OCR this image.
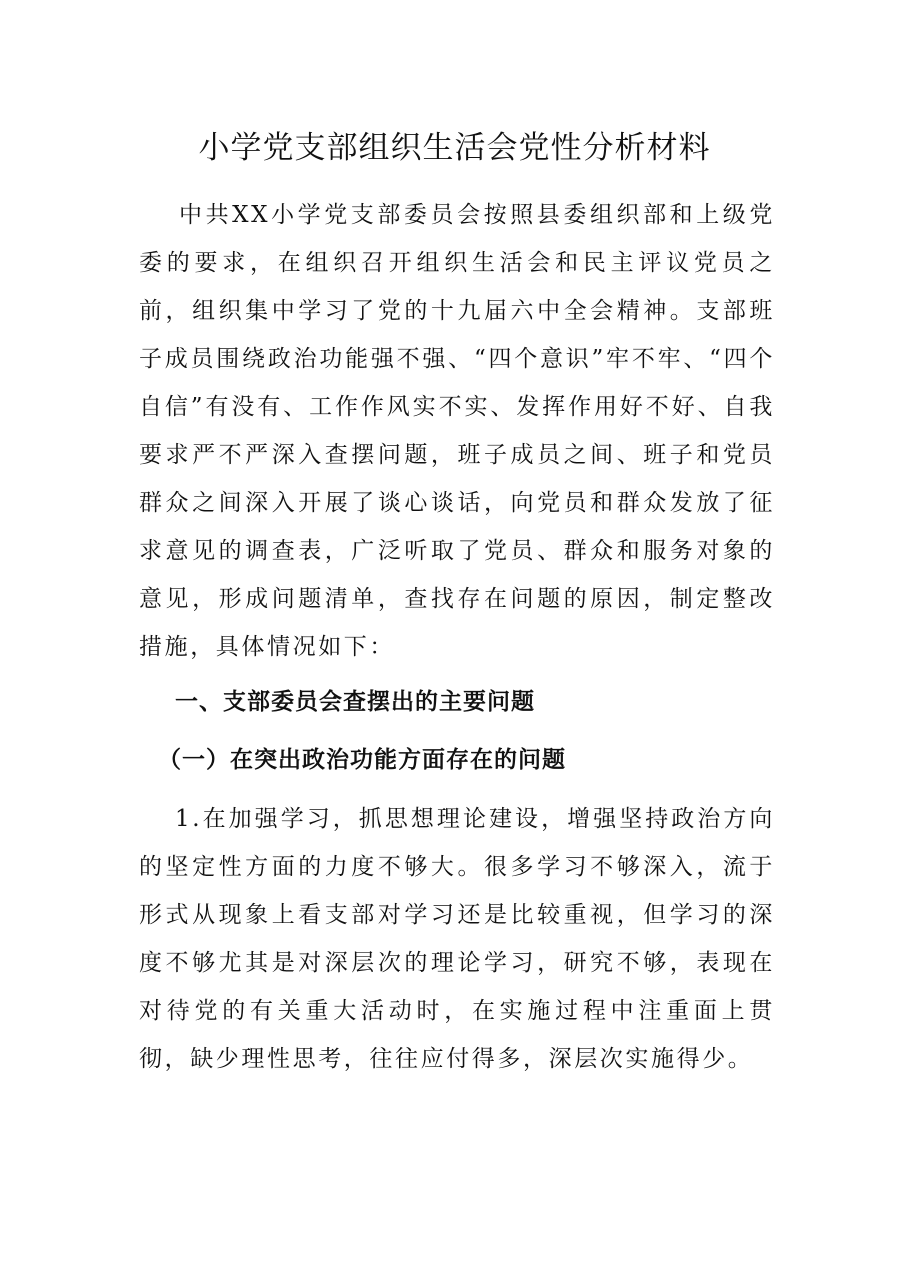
小学党支部组织生活会党性分析材料

中共XX小学党支部委员会按照县委组织部和上级党委的要求，在组织召开组织生活会和民主评议党员之前，组织集中学习了党的十九届六中全会精神。支部班子成员围绕政治功能强不强、“四个意识”牢不牢、“四个自信”有没有、工作作风实不实、发挥作用好不好、自我要求严不严深入查摆问题，班子成员之间、班子和党员群众之间深入开展了谈心谈话，向党员和群众发放了征求意见的调查表，广泛听取了党员、群众和服务对象的意见，形成问题清单，查找存在问题的原因，制定整改措施，具体情况如下：

一、支部委员会查摆出的主要问题
（一）在突出政治功能方面存在的问题

1.在加强学习，抓思想理论建设，增强坚持政治方向的坚定性方面的力度不够大。很多学习不够深入，流于形式从现象上看支部对学习还是比较重视，但学习的深度不够尤其是对深层次的理论学习，研究不够，表现在对待党的有关重大活动时，在实施过程中注重面上贯彻，缺少理性思考，往往应付得多，深层次实施得少。
